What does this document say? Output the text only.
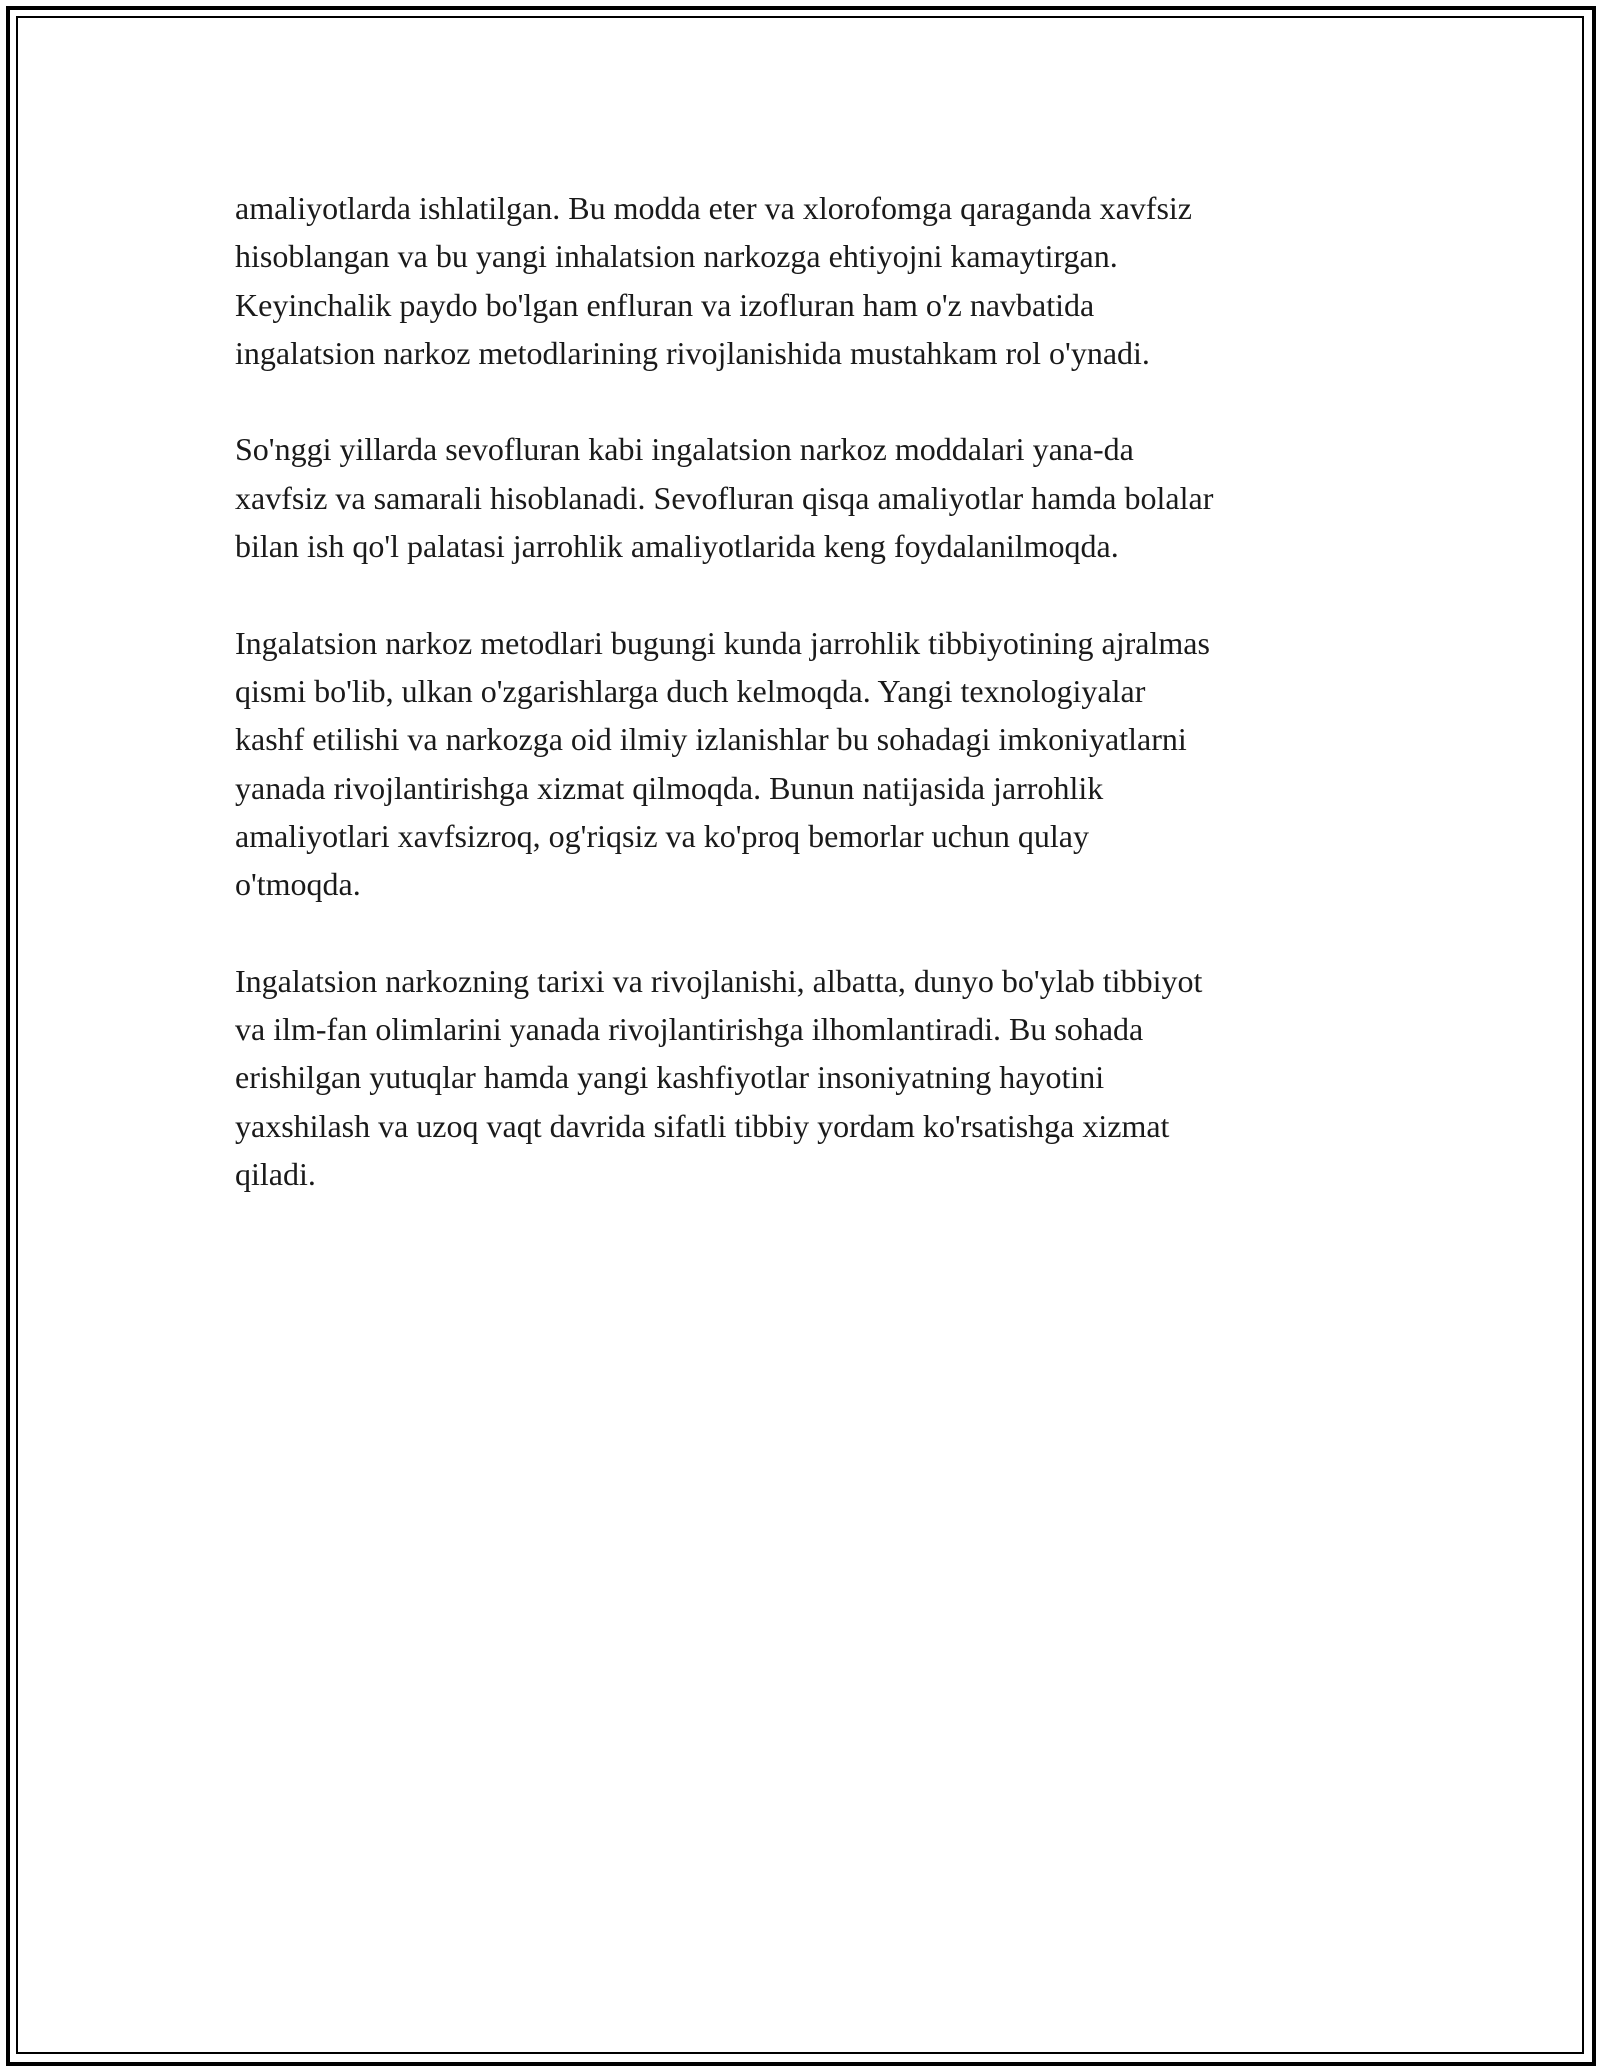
amaliyotlarda ishlatilgan. Bu modda eter va xlorofomga qaraganda xavfsiz
hisoblangan va bu yangi inhalatsion narkozga ehtiyojni kamaytirgan.
Keyinchalik paydo bo'lgan enfluran va izofluran ham o'z navbatida
ingalatsion narkoz metodlarining rivojlanishida mustahkam rol o'ynadi.

So'nggi yillarda sevofluran kabi ingalatsion narkoz moddalari yana-da
xavfsiz va samarali hisoblanadi. Sevofluran qisqa amaliyotlar hamda bolalar
bilan ish qo'l palatasi jarrohlik amaliyotlarida keng foydalanilmoqda.

Ingalatsion narkoz metodlari bugungi kunda jarrohlik tibbiyotining ajralmas
qismi bo'lib, ulkan o'zgarishlarga duch kelmoqda. Yangi texnologiyalar
kashf etilishi va narkozga oid ilmiy izlanishlar bu sohadagi imkoniyatlarni
yanada rivojlantirishga xizmat qilmoqda. Bunun natijasida jarrohlik
amaliyotlari xavfsizroq, og'riqsiz va ko'proq bemorlar uchun qulay
o'tmoqda.

Ingalatsion narkozning tarixi va rivojlanishi, albatta, dunyo bo'ylab tibbiyot
va ilm-fan olimlarini yanada rivojlantirishga ilhomlantiradi. Bu sohada
erishilgan yutuqlar hamda yangi kashfiyotlar insoniyatning hayotini
yaxshilash va uzoq vaqt davrida sifatli tibbiy yordam ko'rsatishga xizmat
qiladi.
